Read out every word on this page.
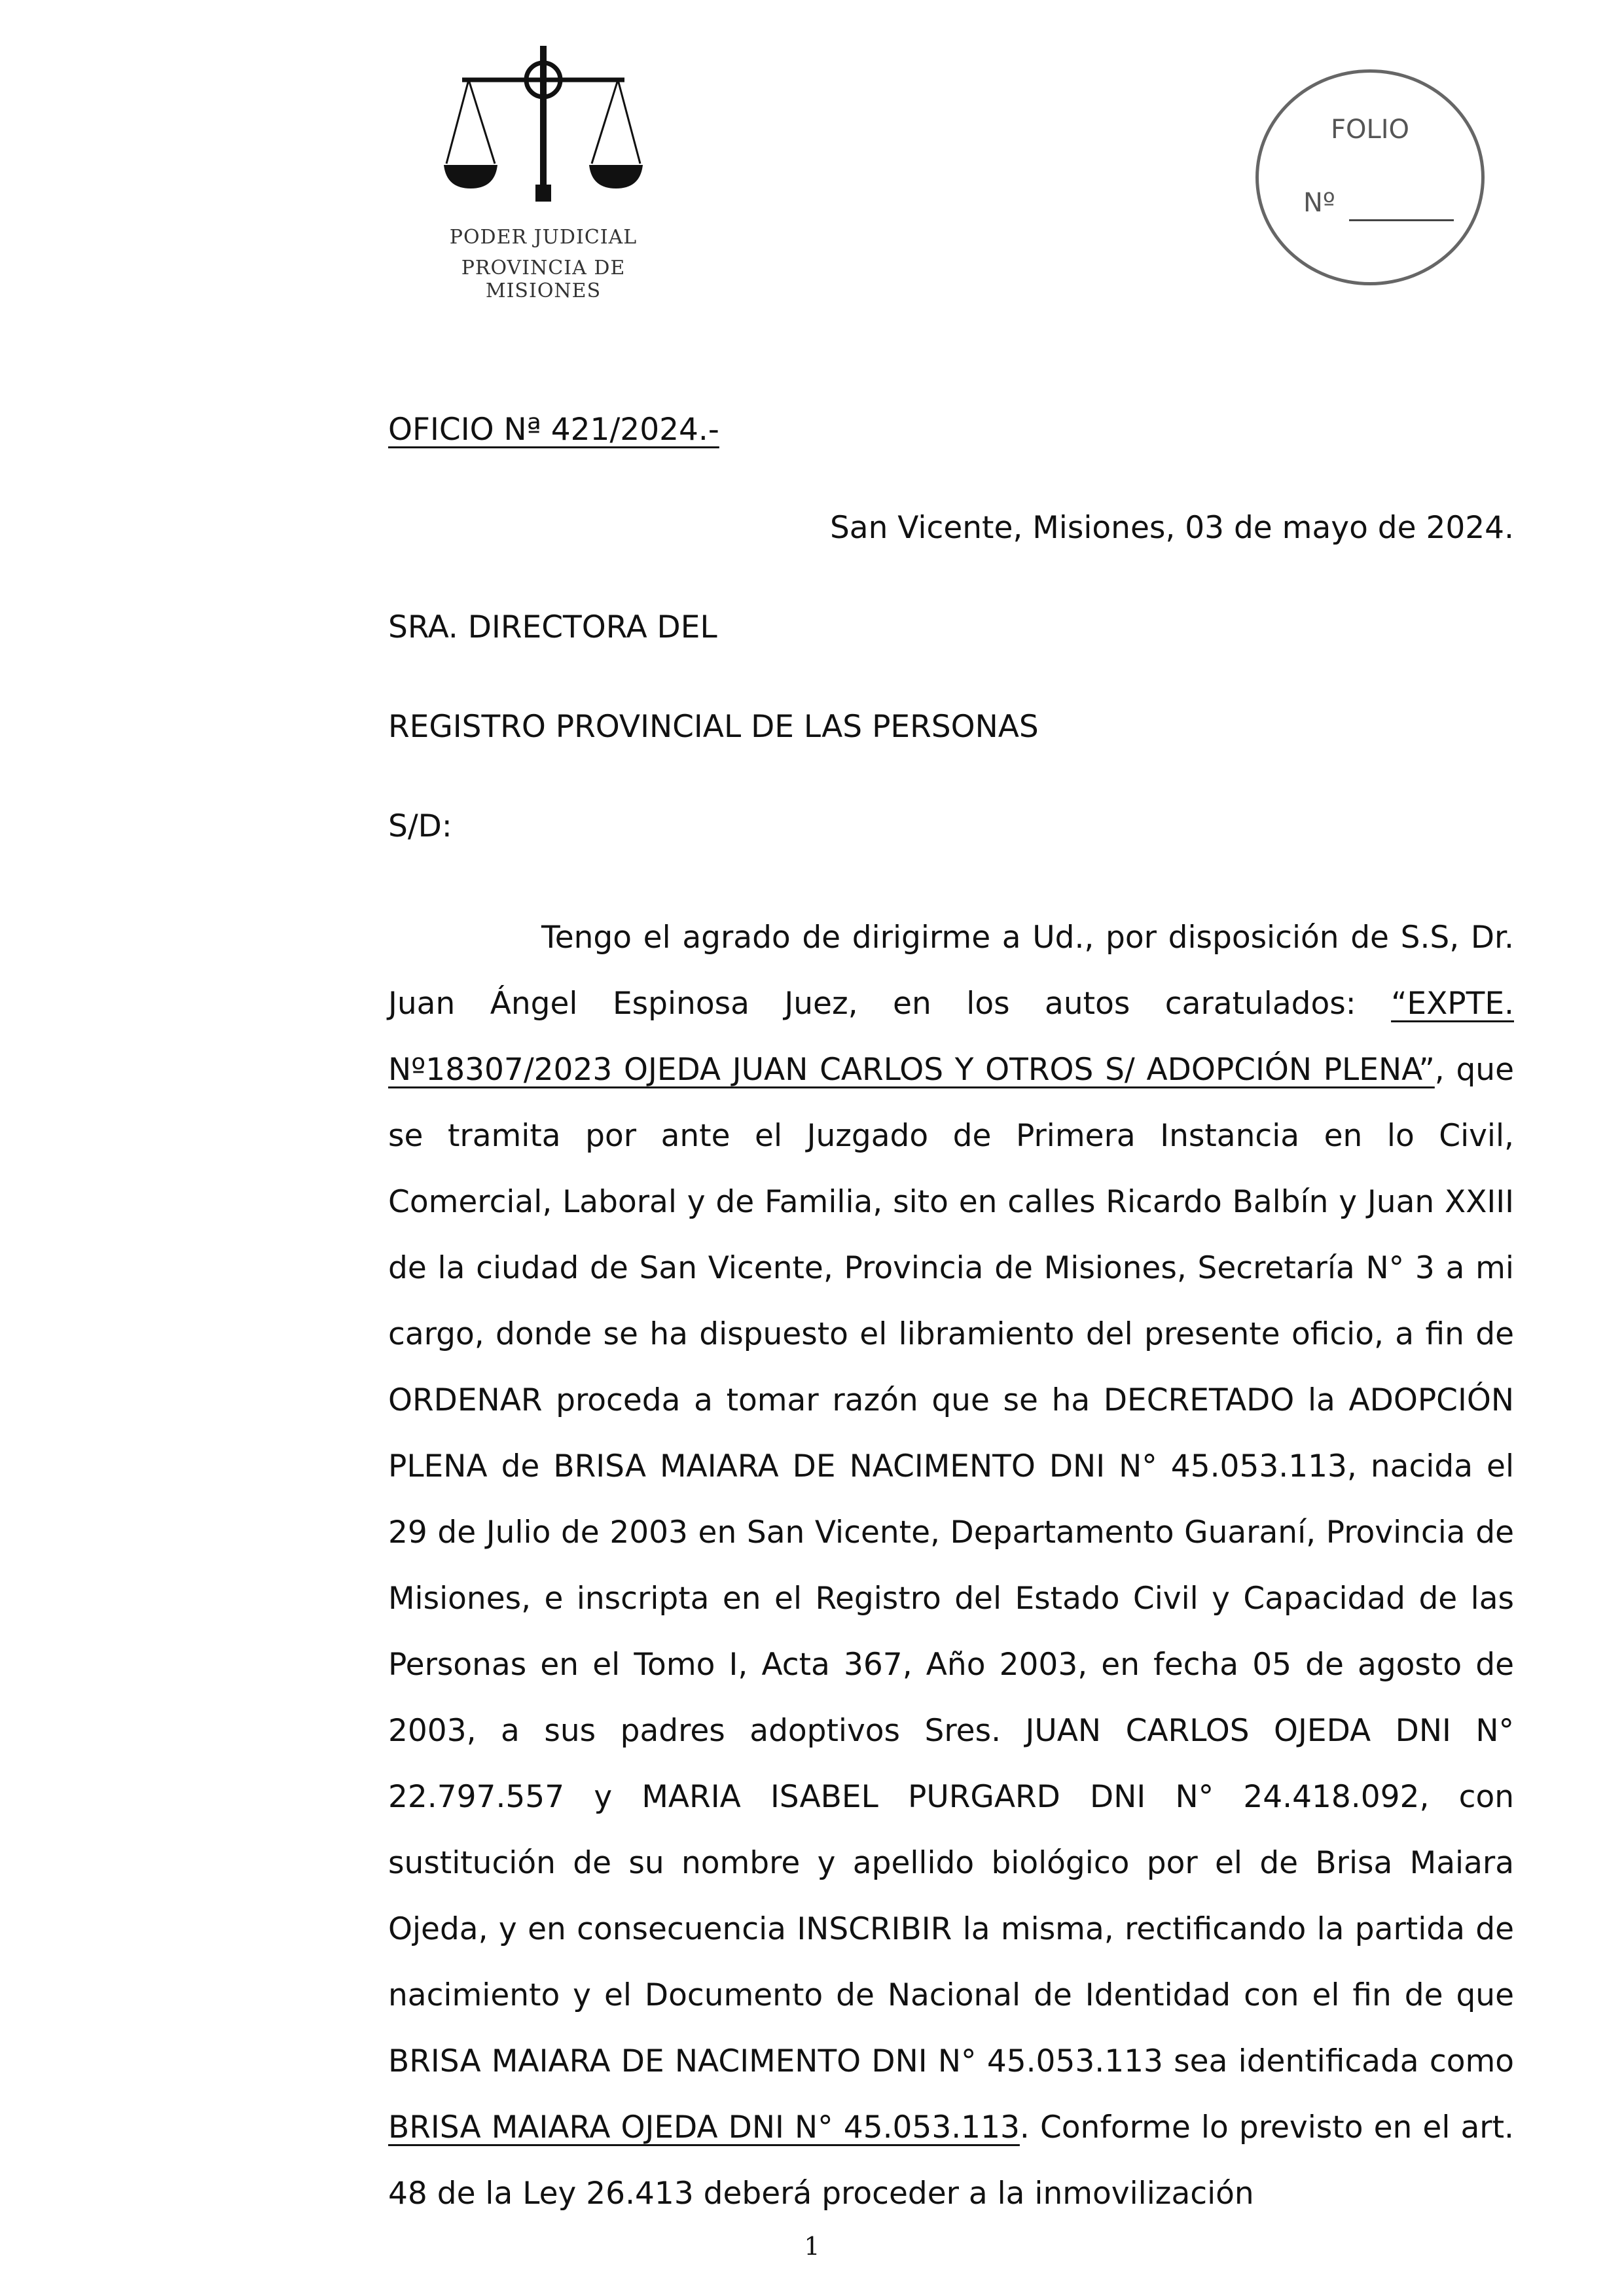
PODER JUDICIAL
PROVINCIA DE MISIONES
FOLIO
Nº
OFICIO Nª 421/2024.-
San Vicente, Misiones, 03 de mayo de 2024.
SRA. DIRECTORA DEL
REGISTRO PROVINCIAL DE LAS PERSONAS
S/D:
Tengo el agrado de dirigirme a Ud., por disposición de S.S, Dr. Juan Ángel Espinosa Juez, en los autos caratulados: “EXPTE. Nº18307/2023 OJEDA JUAN CARLOS Y OTROS S/ ADOPCIÓN PLENA”, que se tramita por ante el Juzgado de Primera Instancia en lo Civil, Comercial, Laboral y de Familia, sito en calles Ricardo Balbín y Juan XXIII de la ciudad de San Vicente, Provincia de Misiones, Secretaría N° 3 a mi cargo, donde se ha dispuesto el libramiento del presente oficio, a fin de ORDENAR proceda a tomar razón que se ha DECRETADO la ADOPCIÓN PLENA de BRISA MAIARA DE NACIMENTO DNI N° 45.053.113, nacida el 29 de Julio de 2003 en San Vicente, Departamento Guaraní, Provincia de Misiones, e inscripta en el Registro del Estado Civil y Capacidad de las Personas en el Tomo I, Acta 367, Año 2003, en fecha 05 de agosto de 2003, a sus padres adoptivos Sres. JUAN CARLOS OJEDA DNI N° 22.797.557 y MARIA ISABEL PURGARD DNI N° 24.418.092, con sustitución de su nombre y apellido biológico por el de Brisa Maiara Ojeda, y en consecuencia INSCRIBIR la misma, rectificando la partida de nacimiento y el Documento de Nacional de Identidad con el fin de que BRISA MAIARA DE NACIMENTO DNI N° 45.053.113 sea identificada como BRISA MAIARA OJEDA DNI N° 45.053.113. Conforme lo previsto en el art. 48 de la Ley 26.413 deberá proceder a la inmovilización
1
